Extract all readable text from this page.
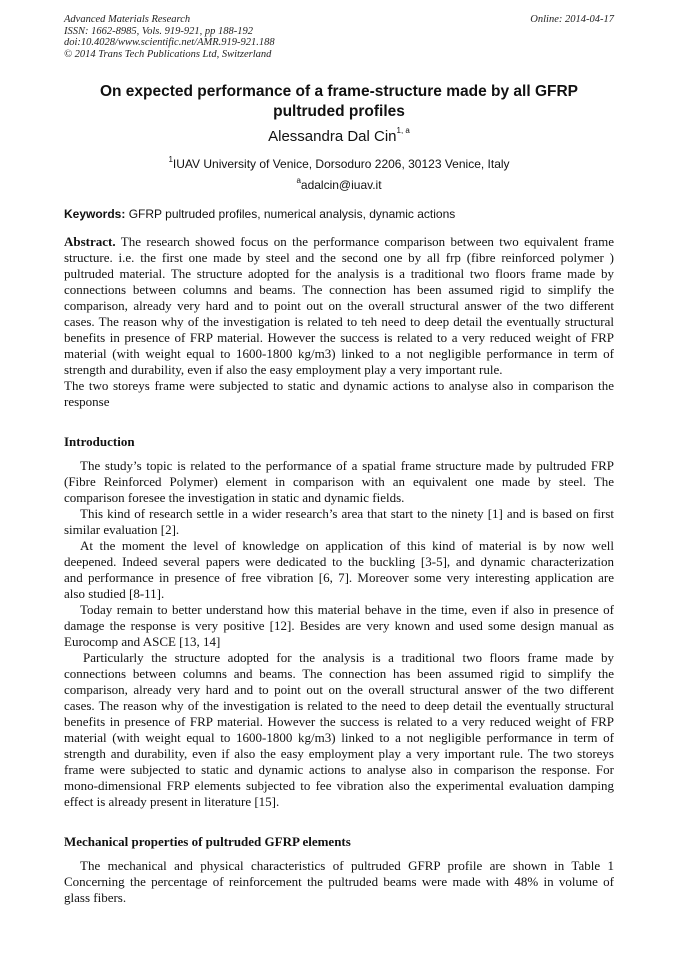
Advanced Materials Research
ISSN: 1662-8985, Vols. 919-921, pp 188-192
doi:10.4028/www.scientific.net/AMR.919-921.188
© 2014 Trans Tech Publications Ltd, Switzerland
Online: 2014-04-17
On expected performance of a frame-structure made by all GFRP
pultruded profiles
Alessandra Dal Cin$^{1, a}$
$^1$IUAV University of Venice, Dorsoduro 2206, 30123 Venice, Italy
$^a$adalcin@iuav.it
Keywords: GFRP pultruded profiles, numerical analysis, dynamic actions
Abstract. The research showed focus on the performance comparison between two equivalent frame
structure. i.e. the first one made by steel and the second one by all frp (fibre reinforced polymer )
pultruded material. The structure adopted for the analysis is a traditional two floors frame made by
connections between columns and beams. The connection has been assumed rigid to simplify the
comparison, already very hard and to point out on the overall structural answer of the two different
cases. The reason why of the investigation is related to teh need to deep detail the eventually structural
benefits in presence of FRP material. However the success is related to a very reduced weight of FRP
material (with weight equal to 1600-1800 kg/m3) linked to a not negligible performance in term of
strength and durability, even if also the easy employment play a very important rule.
The two storeys frame were subjected to static and dynamic actions to analyse also in comparison the
response
Introduction
The study’s topic is related to the performance of a spatial frame structure made by pultruded FRP
(Fibre Reinforced Polymer) element in comparison with an equivalent one made by steel. The
comparison foresee the investigation in static and dynamic fields.
This kind of research settle in a wider research’s area that start to the ninety [1] and is based on first
similar evaluation [2].
At the moment the level of knowledge on application of this kind of material is by now well
deepened. Indeed several papers were dedicated to the buckling [3-5], and dynamic characterization
and performance in presence of free vibration [6, 7]. Moreover some very interesting application are
also studied [8-11].
Today remain to better understand how this material behave in the time, even if also in presence of
damage the response is very positive [12]. Besides are very known and used some design manual as
Eurocomp and ASCE [13, 14]
Particularly the structure adopted for the analysis is a traditional two floors frame made by
connections between columns and beams. The connection has been assumed rigid to simplify the
comparison, already very hard and to point out on the overall structural answer of the two different
cases. The reason why of the investigation is related to the need to deep detail the eventually structural
benefits in presence of FRP material. However the success is related to a very reduced weight of FRP
material (with weight equal to 1600-1800 kg/m3) linked to a not negligible performance in term of
strength and durability, even if also the easy employment play a very important rule. The two storeys
frame were subjected to static and dynamic actions to analyse also in comparison the response. For
mono-dimensional FRP elements subjected to fee vibration also the experimental evaluation damping
effect is already present in literature [15].
Mechanical properties of pultruded GFRP elements
The mechanical and physical characteristics of pultruded GFRP profile are shown in Table 1
Concerning the percentage of reinforcement the pultruded beams were made with 48% in volume of
glass fibers.
